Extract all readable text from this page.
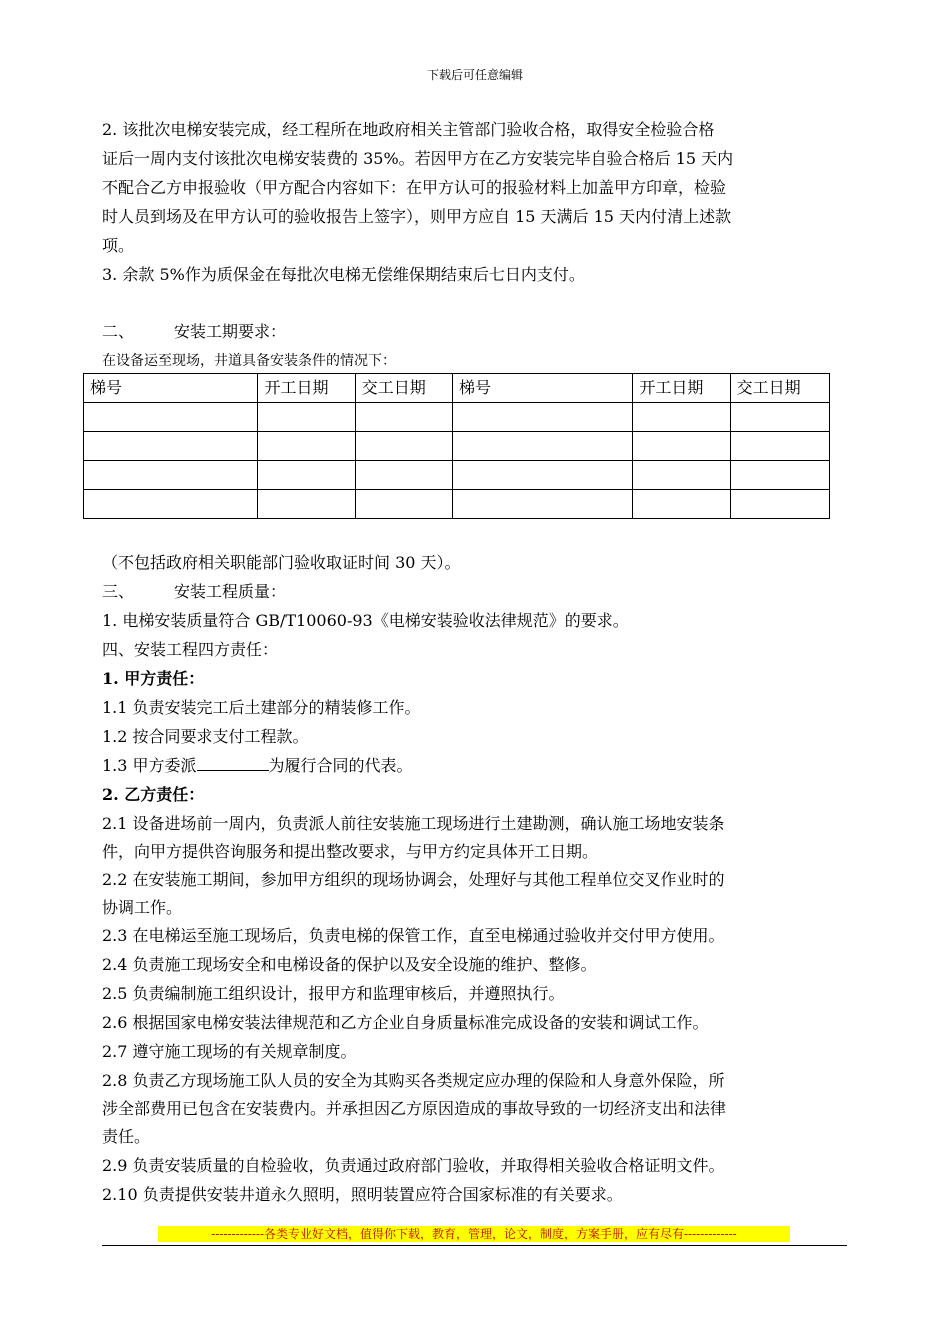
下载后可任意编辑
2. 该批次电梯安装完成，经工程所在地政府相关主管部门验收合格，取得安全检验合格
证后一周内支付该批次电梯安装费的 35%。若因甲方在乙方安装完毕自验合格后 15 天内
不配合乙方申报验收（甲方配合内容如下：在甲方认可的报验材料上加盖甲方印章，检验
时人员到场及在甲方认可的验收报告上签字），则甲方应自 15 天满后 15 天内付清上述款
项。
3. 余款 5%作为质保金在每批次电梯无偿维保期结束后七日内支付。
二、	安装工期要求：
在设备运至现场，井道具备安装条件的情况下：
梯号	开工日期	交工日期	梯号	开工日期	交工日期

（不包括政府相关职能部门验收取证时间 30 天）。
三、	安装工程质量：
1. 电梯安装质量符合 GB/T10060-93《电梯安装验收法律规范》的要求。
四、安装工程四方责任：
1. 甲方责任：
1.1 负责安装完工后土建部分的精装修工作。
1.2 按合同要求支付工程款。
1.3 甲方委派	为履行合同的代表。
2. 乙方责任：
2.1 设备进场前一周内，负责派人前往安装施工现场进行土建勘测，确认施工场地安装条
件，向甲方提供咨询服务和提出整改要求，与甲方约定具体开工日期。
2.2 在安装施工期间，参加甲方组织的现场协调会，处理好与其他工程单位交叉作业时的
协调工作。
2.3 在电梯运至施工现场后，负责电梯的保管工作，直至电梯通过验收并交付甲方使用。
2.4 负责施工现场安全和电梯设备的保护以及安全设施的维护、整修。
2.5 负责编制施工组织设计，报甲方和监理审核后，并遵照执行。
2.6 根据国家电梯安装法律规范和乙方企业自身质量标准完成设备的安装和调试工作。
2.7 遵守施工现场的有关规章制度。
2.8 负责乙方现场施工队人员的安全为其购买各类规定应办理的保险和人身意外保险，所
涉全部费用已包含在安装费内。并承担因乙方原因造成的事故导致的一切经济支出和法律
责任。
2.9 负责安装质量的自检验收，负责通过政府部门验收，并取得相关验收合格证明文件。
2.10 负责提供安装井道永久照明，照明装置应符合国家标准的有关要求。
-------------各类专业好文档，值得你下载，教育，管理，论文，制度，方案手册，应有尽有-------------
